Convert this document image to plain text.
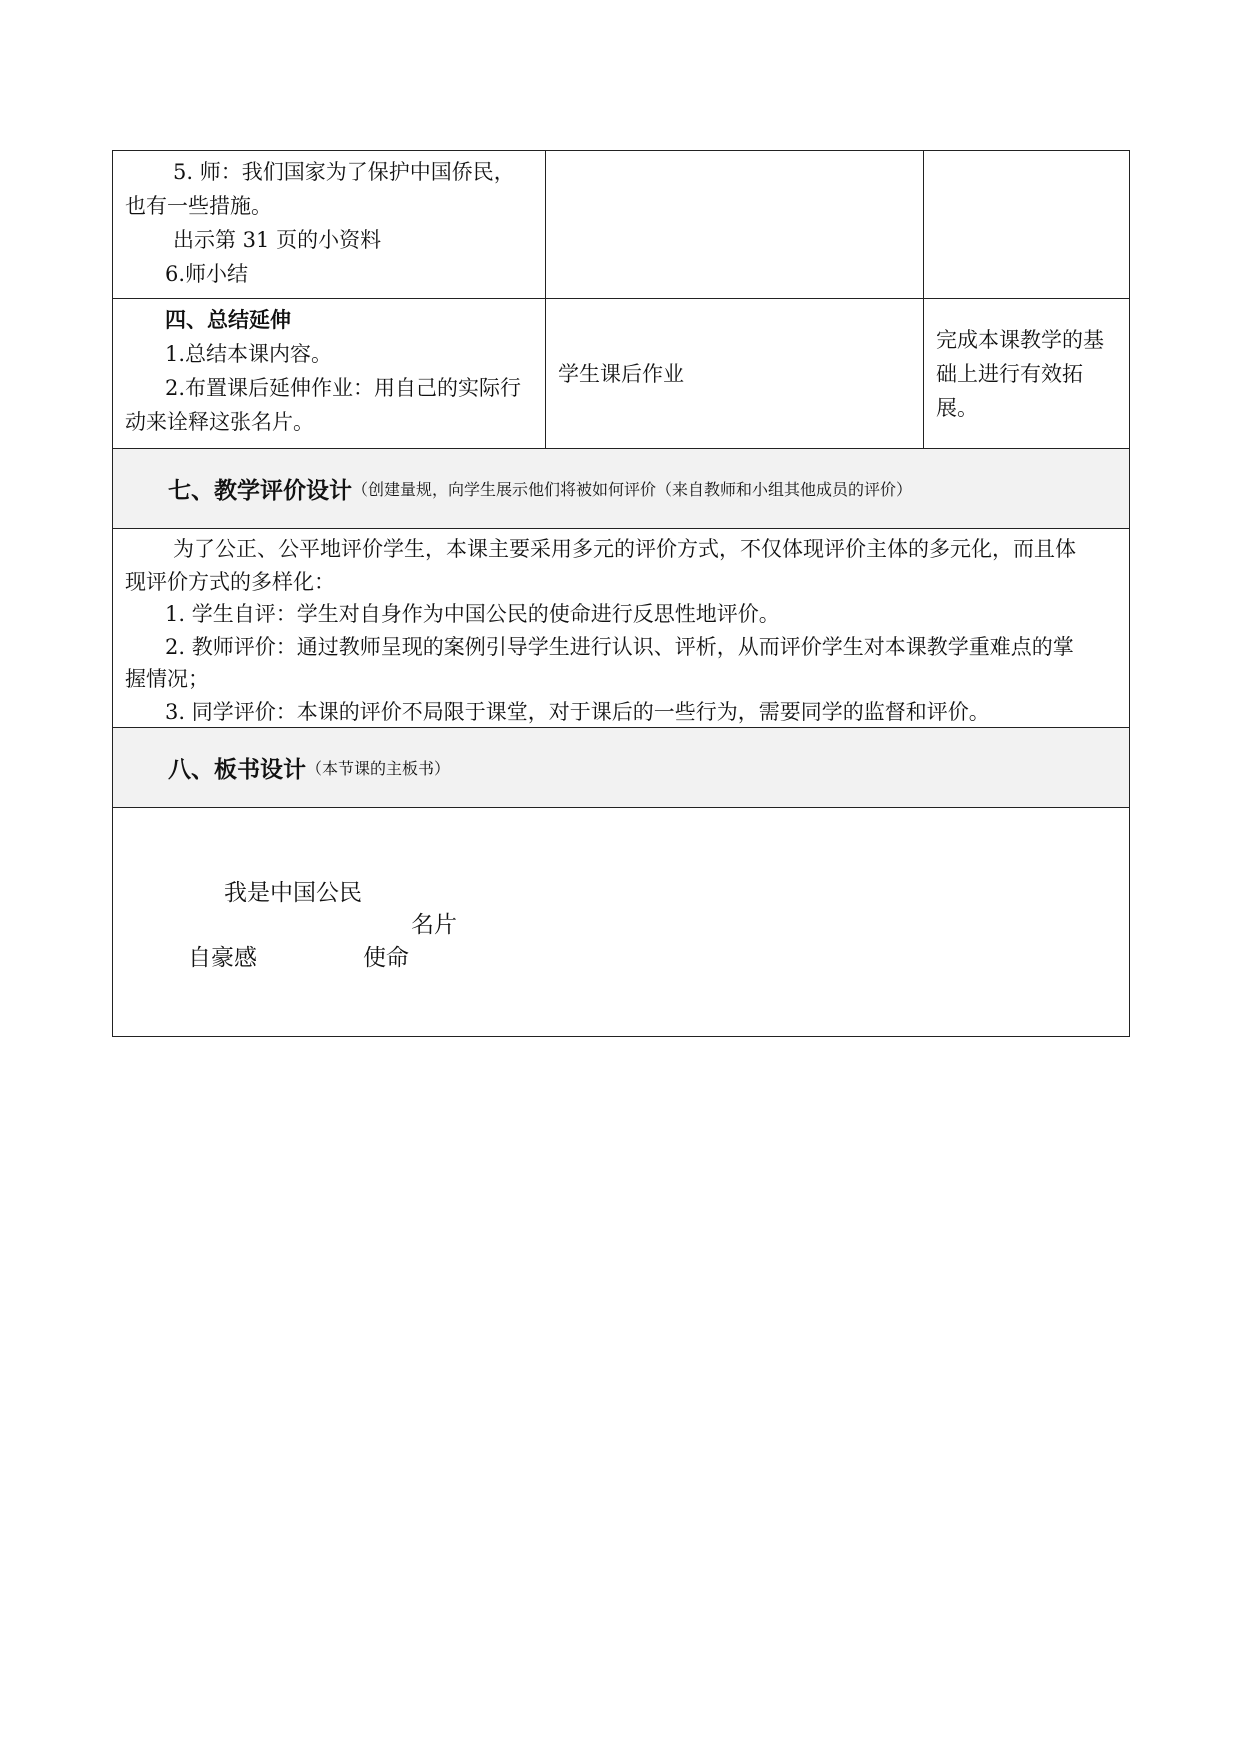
5. 师：我们国家为了保护中国侨民，
也有一些措施。
出示第 31 页的小资料
6.师小结
四、总结延伸
1.总结本课内容。
2.布置课后延伸作业：用自己的实际行
动来诠释这张名片。
学生课后作业
完成本课教学的基础上进行有效拓展。
七、教学评价设计 （创建量规，向学生展示他们将被如何评价（来自教师和小组其他成员的评价）
为了公正、公平地评价学生，本课主要采用多元的评价方式，不仅体现评价主体的多元化，而且体
现评价方式的多样化：
1. 学生自评：学生对自身作为中国公民的使命进行反思性地评价。
2. 教师评价：通过教师呈现的案例引导学生进行认识、评析，从而评价学生对本课教学重难点的掌
握情况；
3. 同学评价：本课的评价不局限于课堂，对于课后的一些行为，需要同学的监督和评价。
八、板书设计 （本节课的主板书）
我是中国公民
名片
自豪感	使命
